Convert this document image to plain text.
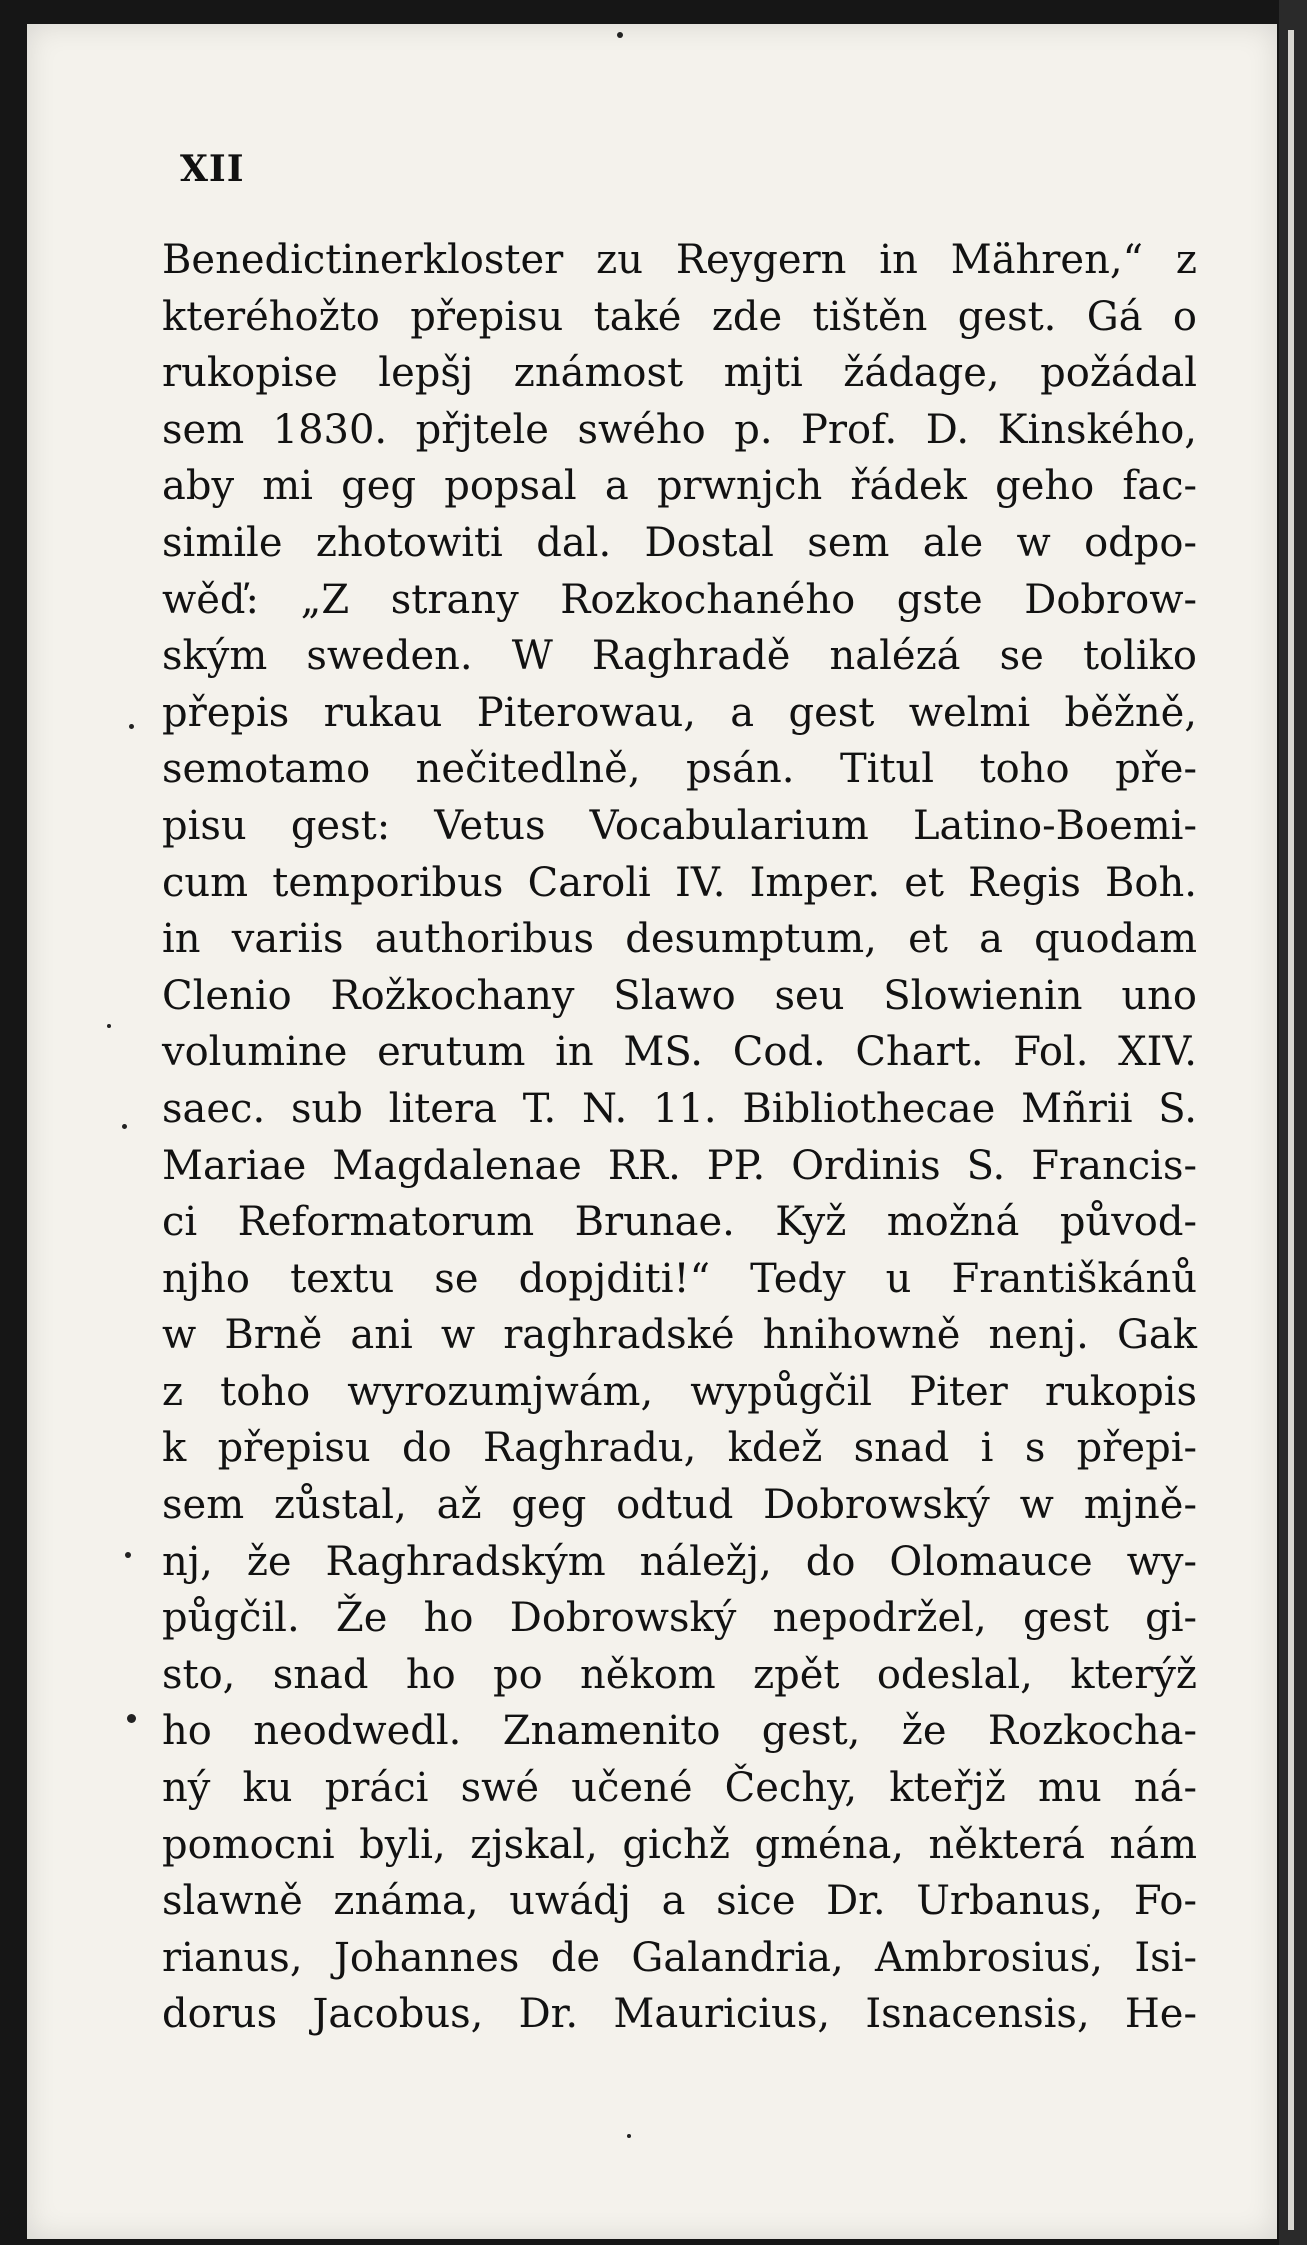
XII
Benedictinerkloster zu Reygern in Mähren,“ z
kteréhožto přepisu také zde tištěn gest. Gá o
rukopise lepšj známost mjti žádage, požádal
sem 1830. přjtele swého p. Prof. D. Kinského,
aby mi geg popsal a prwnjch řádek geho fac-
simile zhotowiti dal. Dostal sem ale w odpo-
wěď: „Z strany Rozkochaného gste Dobrow-
ským sweden. W Raghradě nalézá se toliko
přepis rukau Piterowau, a gest welmi běžně,
semotamo nečitedlně, psán. Titul toho pře-
pisu gest: Vetus Vocabularium Latino-Boemi-
cum temporibus Caroli IV. Imper. et Regis Boh.
in variis authoribus desumptum, et a quodam
Clenio Rožkochany Slawo seu Slowienin uno
volumine erutum in MS. Cod. Chart. Fol. XIV.
saec. sub litera T. N. 11. Bibliothecae Mñrii S.
Mariae Magdalenae RR. PP. Ordinis S. Francis-
ci Reformatorum Brunae. Kyž možná původ-
njho textu se dopjditi!“ Tedy u Františkánů
w Brně ani w raghradské hnihowně nenj. Gak
z toho wyrozumjwám, wypůgčil Piter rukopis
k přepisu do Raghradu, kdež snad i s přepi-
sem zůstal, až geg odtud Dobrowský w mjně-
nj, že Raghradským náležj, do Olomauce wy-
půgčil. Že ho Dobrowský nepodržel, gest gi-
sto, snad ho po někom zpět odeslal, kterýž
ho neodwedl. Znamenito gest, že Rozkocha-
ný ku práci swé učené Čechy, kteřjž mu ná-
pomocni byli, zjskal, gichž gména, některá nám
slawně známa, uwádj a sice Dr. Urbanus, Fo-
rianus, Johannes de Galandria, Ambrosius, Isi-
dorus Jacobus, Dr. Mauricius, Isnacensis, He-
